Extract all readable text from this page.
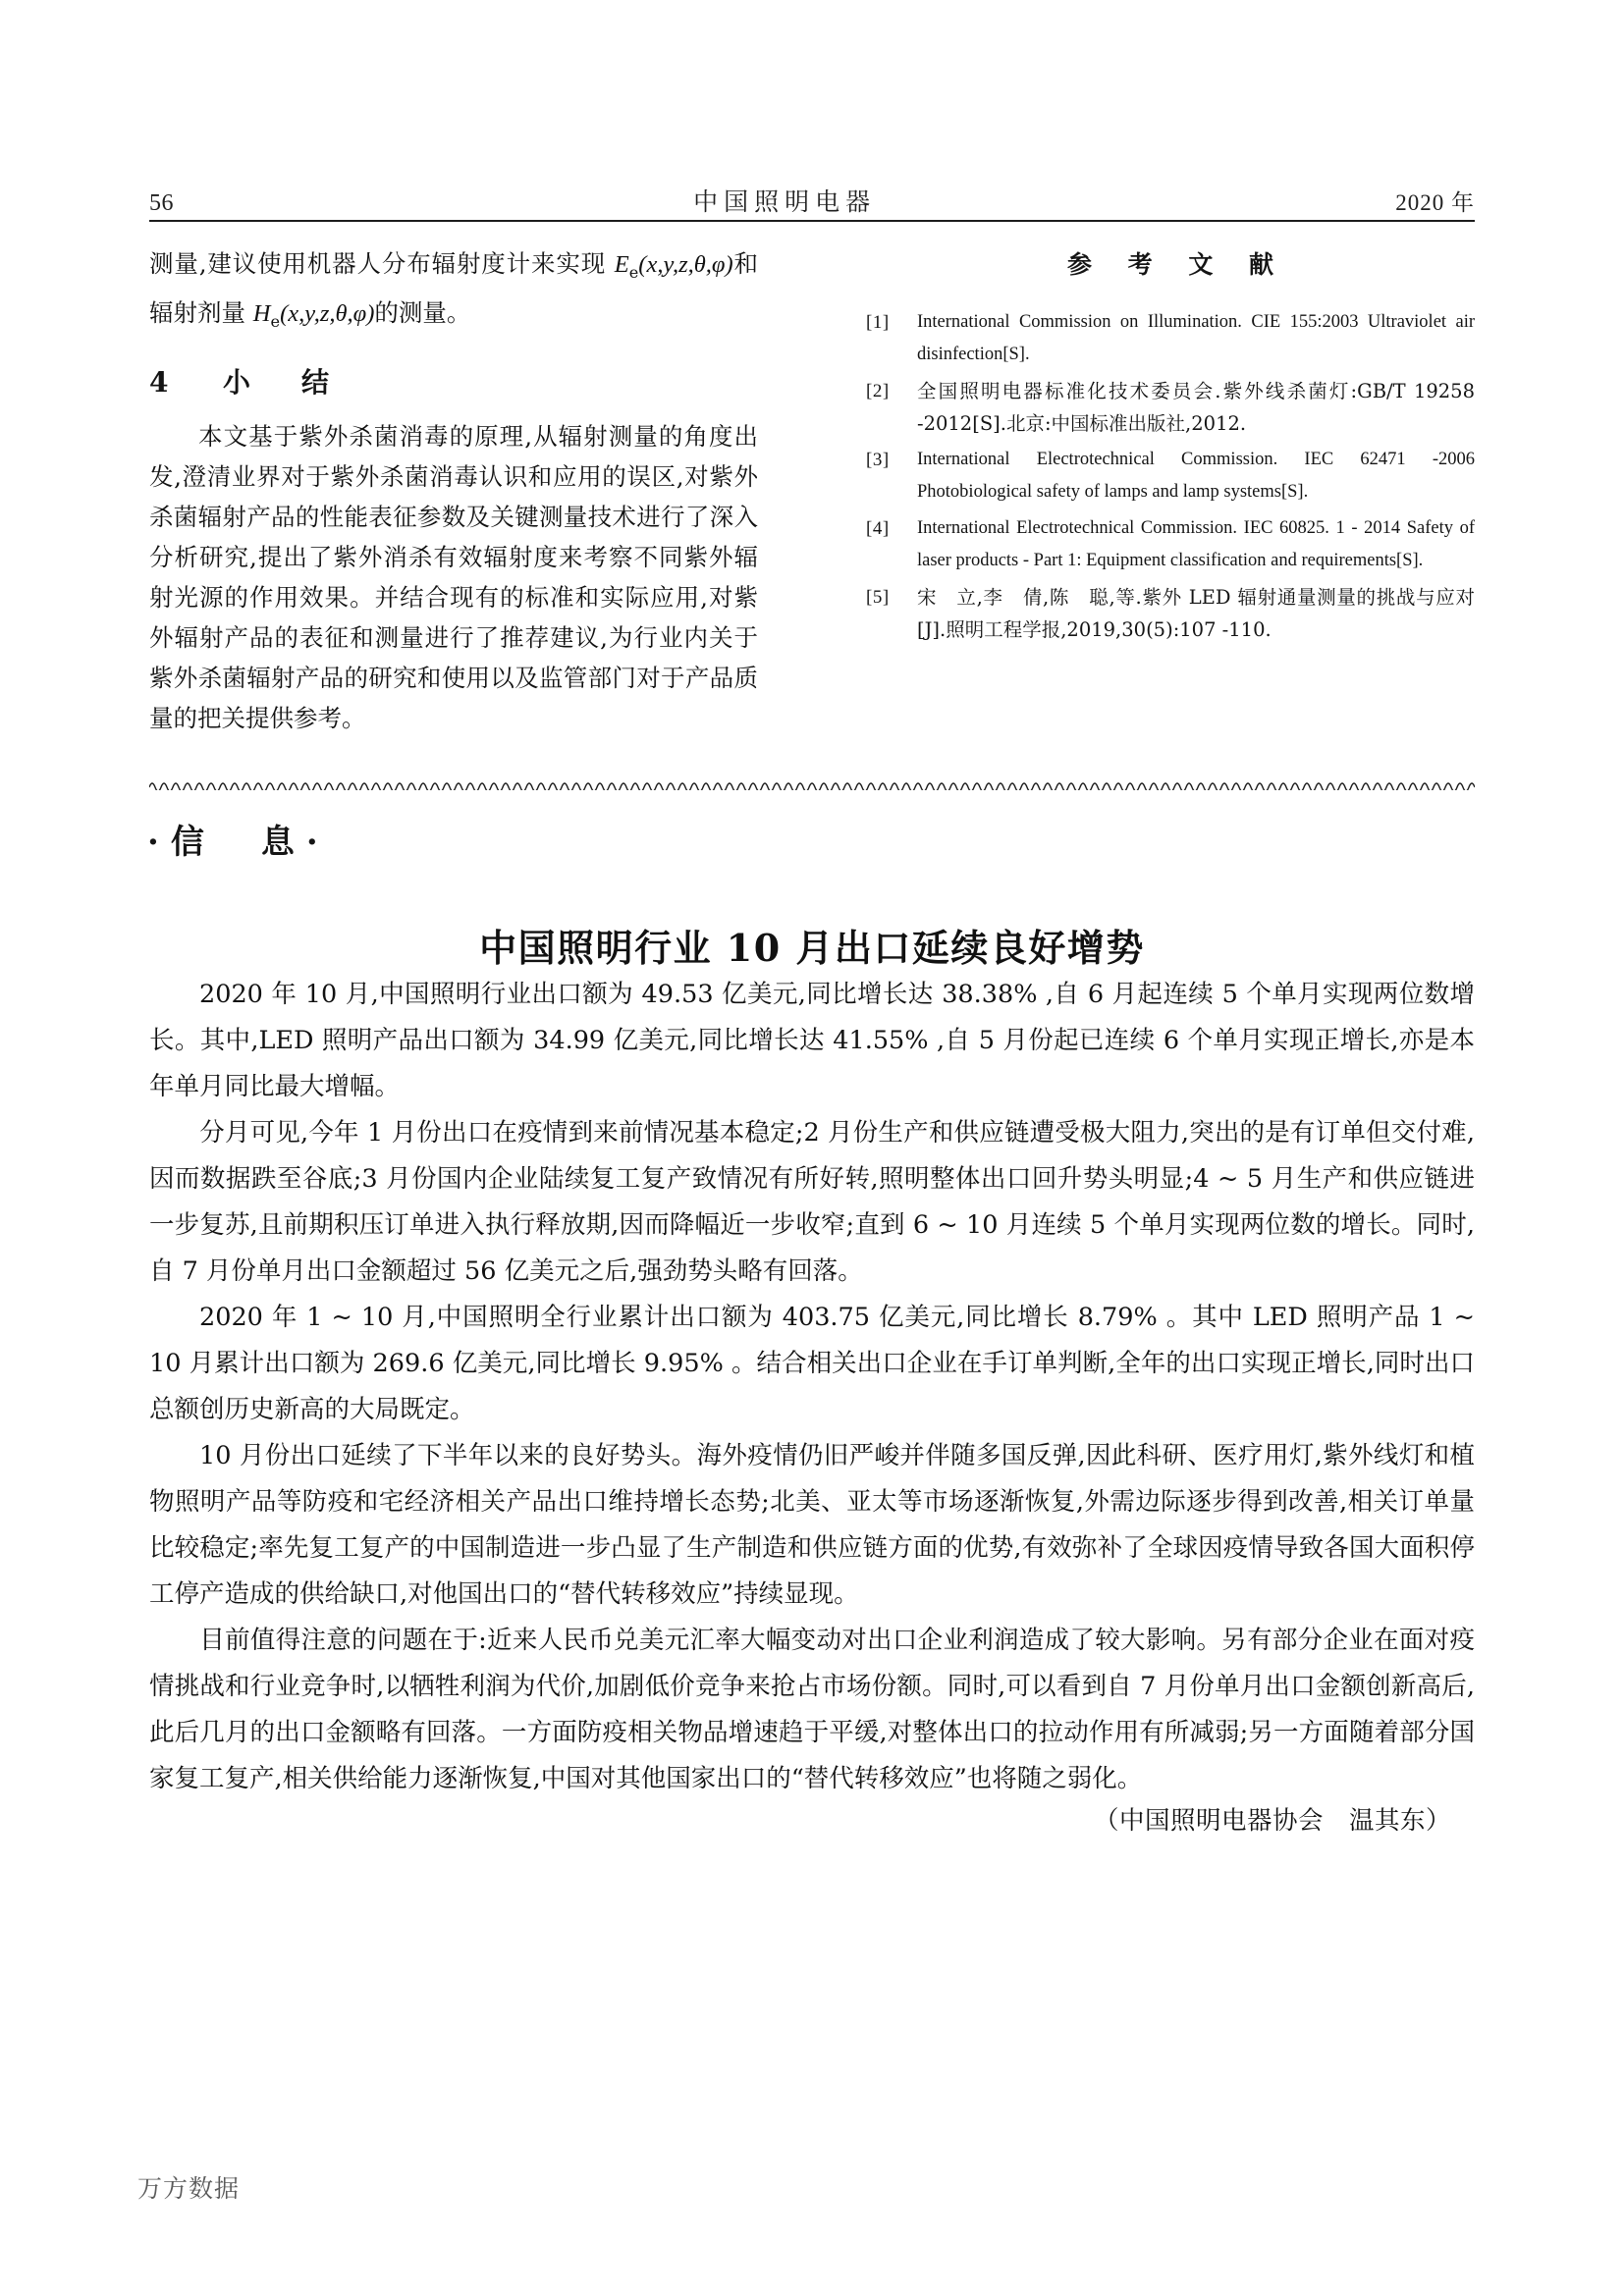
56	中国照明电器	2020 年
测量,建议使用机器人分布辐射度计来实现 $E_e(x,y,z,\theta,\varphi)$和辐射剂量 $H_e(x,y,z,\theta,\varphi)$的测量。
4 小　结
本文基于紫外杀菌消毒的原理,从辐射测量的角度出发,澄清业界对于紫外杀菌消毒认识和应用的误区,对紫外杀菌辐射产品的性能表征参数及关键测量技术进行了深入分析研究,提出了紫外消杀有效辐射度来考察不同紫外辐射光源的作用效果。并结合现有的标准和实际应用,对紫外辐射产品的表征和测量进行了推荐建议,为行业内关于紫外杀菌辐射产品的研究和使用以及监管部门对于产品质量的把关提供参考。
参 考 文 献
[1]	International Commission on Illumination. CIE 155:2003 Ultraviolet air disinfection[S].
[2]	全国照明电器标准化技术委员会.紫外线杀菌灯:GB/T 19258 -2012[S].北京:中国标准出版社,2012.
[3]	International Electrotechnical Commission. IEC 62471 -2006 Photobiological safety of lamps and lamp systems[S].
[4]	International Electrotechnical Commission. IEC 60825. 1 - 2014 Safety of laser products - Part 1: Equipment classification and requirements[S].
[5]	宋　立,李　倩,陈　聪,等.紫外 LED 辐射通量测量的挑战与应对[J].照明工程学报,2019,30(5):107 -110.
·信　息·
中国照明行业 10 月出口延续良好增势

2020 年 10 月,中国照明行业出口额为 49.53 亿美元,同比增长达 38.38% ,自 6 月起连续 5 个单月实现两位数增长。其中,LED 照明产品出口额为 34.99 亿美元,同比增长达 41.55% ,自 5 月份起已连续 6 个单月实现正增长,亦是本年单月同比最大增幅。

分月可见,今年 1 月份出口在疫情到来前情况基本稳定;2 月份生产和供应链遭受极大阻力,突出的是有订单但交付难,因而数据跌至谷底;3 月份国内企业陆续复工复产致情况有所好转,照明整体出口回升势头明显;4 ~ 5 月生产和供应链进一步复苏,且前期积压订单进入执行释放期,因而降幅近一步收窄;直到 6 ~ 10 月连续 5 个单月实现两位数的增长。同时,自 7 月份单月出口金额超过 56 亿美元之后,强劲势头略有回落。

2020 年 1 ~ 10 月,中国照明全行业累计出口额为 403.75 亿美元,同比增长 8.79% 。其中 LED 照明产品 1 ~ 10 月累计出口额为 269.6 亿美元,同比增长 9.95% 。结合相关出口企业在手订单判断,全年的出口实现正增长,同时出口总额创历史新高的大局既定。

10 月份出口延续了下半年以来的良好势头。海外疫情仍旧严峻并伴随多国反弹,因此科研、医疗用灯,紫外线灯和植物照明产品等防疫和宅经济相关产品出口维持增长态势;北美、亚太等市场逐渐恢复,外需边际逐步得到改善,相关订单量比较稳定;率先复工复产的中国制造进一步凸显了生产制造和供应链方面的优势,有效弥补了全球因疫情导致各国大面积停工停产造成的供给缺口,对他国出口的“替代转移效应”持续显现。

目前值得注意的问题在于:近来人民币兑美元汇率大幅变动对出口企业利润造成了较大影响。另有部分企业在面对疫情挑战和行业竞争时,以牺牲利润为代价,加剧低价竞争来抢占市场份额。同时,可以看到自 7 月份单月出口金额创新高后,此后几月的出口金额略有回落。一方面防疫相关物品增速趋于平缓,对整体出口的拉动作用有所减弱;另一方面随着部分国家复工复产,相关供给能力逐渐恢复,中国对其他国家出口的“替代转移效应”也将随之弱化。

（中国照明电器协会　温其东）
万方数据
